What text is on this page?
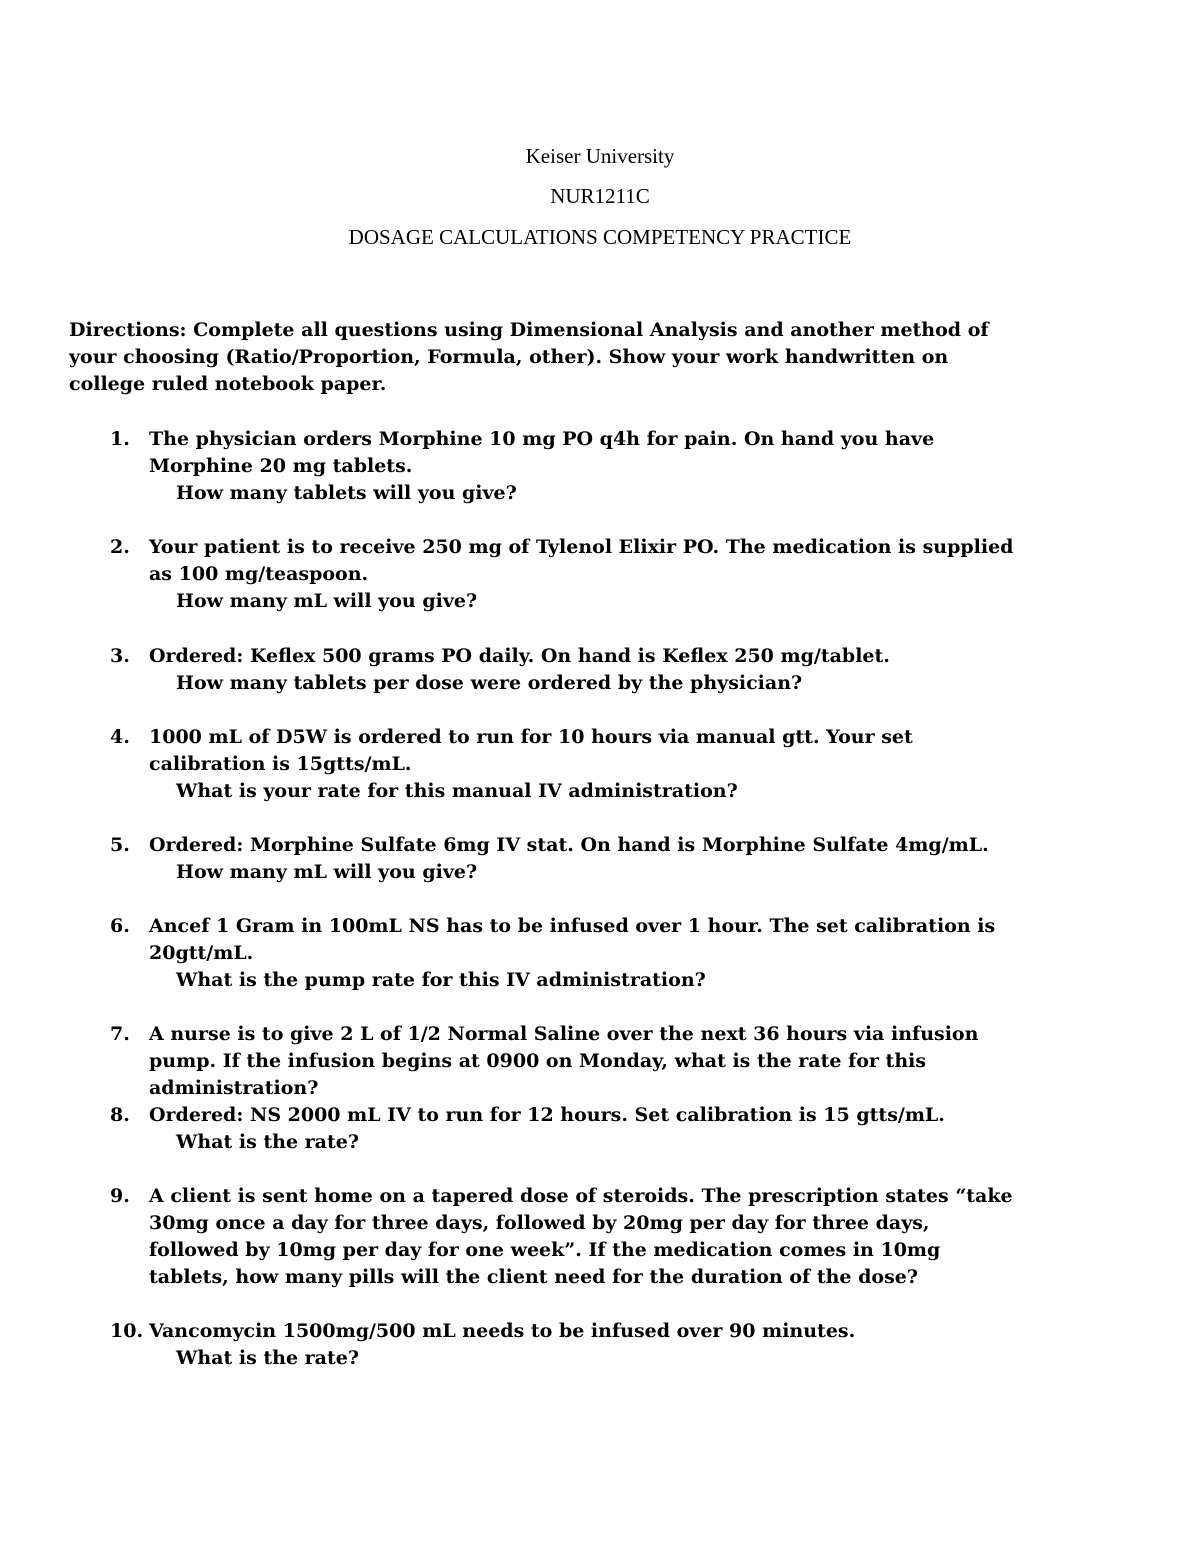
Keiser University
NUR1211C
DOSAGE CALCULATIONS COMPETENCY PRACTICE
Directions: Complete all questions using Dimensional Analysis and another method of your choosing (Ratio/Proportion, Formula, other). Show your work handwritten on college ruled notebook paper.
1. The physician orders Morphine 10 mg PO q4h for pain. On hand you have Morphine 20 mg tablets.
How many tablets will you give?
2. Your patient is to receive 250 mg of Tylenol Elixir PO. The medication is supplied as 100 mg/teaspoon.
How many mL will you give?
3. Ordered: Keflex 500 grams PO daily. On hand is Keflex 250 mg/tablet.
How many tablets per dose were ordered by the physician?
4. 1000 mL of D5W is ordered to run for 10 hours via manual gtt. Your set calibration is 15gtts/mL.
What is your rate for this manual IV administration?
5. Ordered: Morphine Sulfate 6mg IV stat. On hand is Morphine Sulfate 4mg/mL.
How many mL will you give?
6. Ancef 1 Gram in 100mL NS has to be infused over 1 hour. The set calibration is 20gtt/mL.
What is the pump rate for this IV administration?
7. A nurse is to give 2 L of 1/2 Normal Saline over the next 36 hours via infusion pump. If the infusion begins at 0900 on Monday, what is the rate for this administration?
8. Ordered: NS 2000 mL IV to run for 12 hours. Set calibration is 15 gtts/mL.
What is the rate?
9. A client is sent home on a tapered dose of steroids. The prescription states “take 30mg once a day for three days, followed by 20mg per day for three days, followed by 10mg per day for one week”. If the medication comes in 10mg tablets, how many pills will the client need for the duration of the dose?
10. Vancomycin 1500mg/500 mL needs to be infused over 90 minutes.
What is the rate?
